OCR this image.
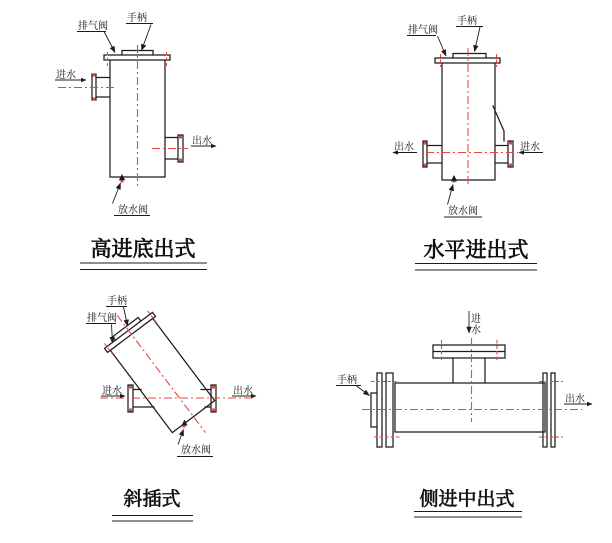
排气阀
手柄
进水
出水
放水阀
高进底出式
排气阀
手柄
出水	进水
放水阀
水平进出式
手柄
排气阀
进水	出水
放水阀
斜插式
手柄
进
水
出水
侧进中出式
